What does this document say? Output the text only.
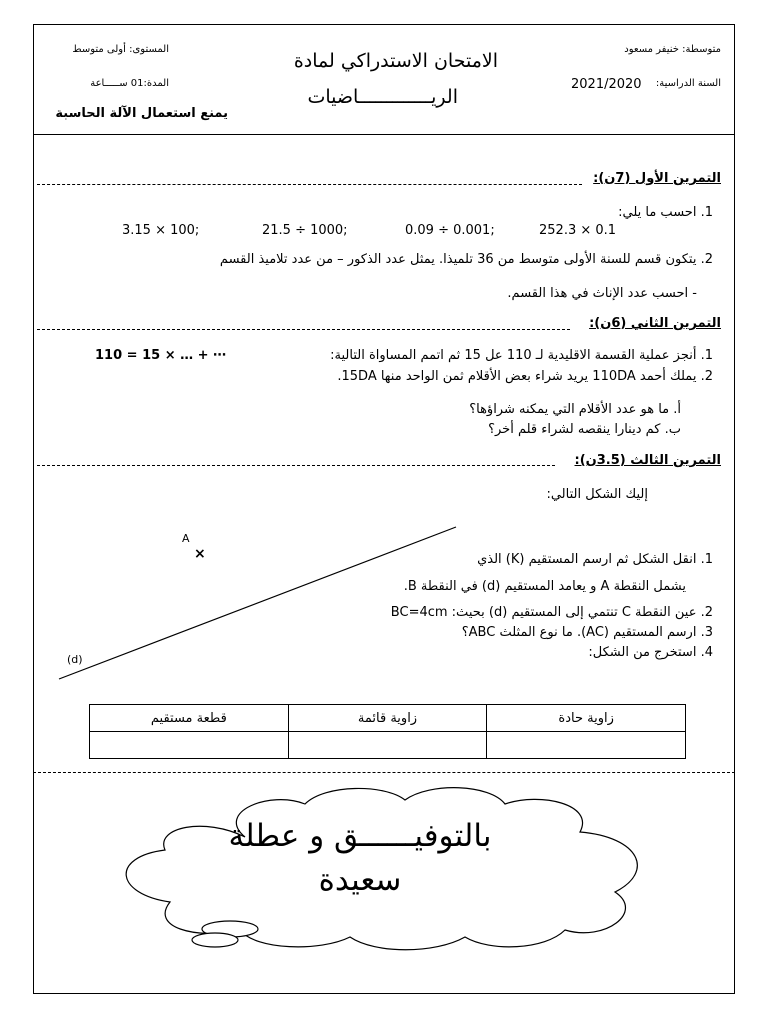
المستوى: أولى متوسط
المدة:01 ســـــاعة
يمنع استعمال الآلة الحاسبة
الامتحان الاستدراكي لمادة
الريـــــــــــــاضيات
متوسطة: خنيفر مسعود
السنة الدراسية:
2021/2020
التمرين الأول (7ن):
1. احسب ما يلي:
3.15 × 100;	21.5 ÷ 1000;	0.09 ÷ 0.001;	252.3 × 0.1
2. يتكون قسم للسنة الأولى متوسط من 36 تلميذا. يمثل عدد الذكور – من عدد تلاميذ القسم
- احسب عدد الإناث في هذا القسم.
التمرين الثاني (6ن):
1. أنجز عملية القسمة الاقليدية لـ 110 عل 15 ثم اتمم المساواة التالية:
110 = 15 × … + ⋯
2. يملك أحمد 110DA يريد شراء بعض الأقلام ثمن الواحد منها 15DA.
أ. ما هو عدد الأقلام التي يمكنه شراؤها؟
ب. كم دينارا ينقصه لشراء قلم أخر؟
التمرين الثالث (3.5ن):
إليك الشكل التالي:
A
×
(d)
1. انقل الشكل ثم ارسم المستقيم (K) الذي
يشمل النقطة A و يعامد المستقيم (d) في النقطة B.
2. عين النقطة C تنتمي إلى المستقيم (d) بحيث: BC=4cm
3. ارسم المستقيم (AC). ما نوع المثلث ABC؟
4. استخرج من الشكل:
زاوية حادة	زاوية قائمة	قطعة مستقيم

بالتوفيــــــق و عطلة
سعيدة
